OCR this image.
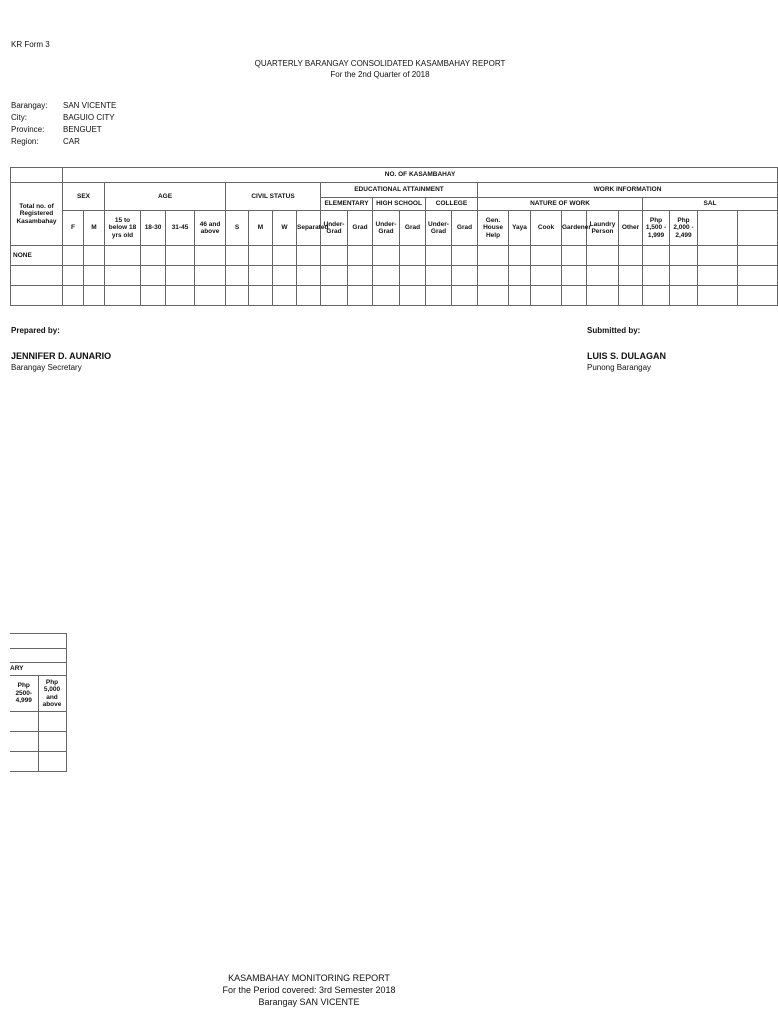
KR Form 3
QUARTERLY BARANGAY CONSOLIDATED KASAMBAHAY REPORT
For the 2nd Quarter of 2018
Barangay: SAN VICENTE
City:	BAGUIO CITY
Province: BENGUET
Region:	CAR
	NO. OF KASAMBAHAY																									
Total no. of Registered Kasambahay	SEX		AGE				CIVIL STATUS				EDUCATIONAL ATTAINMENT						WORK INFORMATION									
											ELEMENTARY		HIGH SCHOOL		COLLEGE		NATURE OF WORK						SAL			
	F	M	15 to below 18 yrs old	18-30	31-45	46 and above	S	M	W	Separated	Under-Grad	Grad	Under-Grad	Grad	Under-Grad	Grad	Gen. House Help	Yaya	Cook	Gardener	Laundry Person	Other	Php 1,500 - 1,999	Php 2,000 - 2,499		
NONE																										

Prepared by:
JENNIFER D. AUNARIO
Barangay Secretary
Submitted by:
LUIS S. DULAGAN
Punong Barangay

ARY	
Php 2500-4,999	Php 5,000 and above

KASAMBAHAY MONITORING REPORT
For the Period covered: 3rd Semester 2018
Barangay SAN VICENTE
